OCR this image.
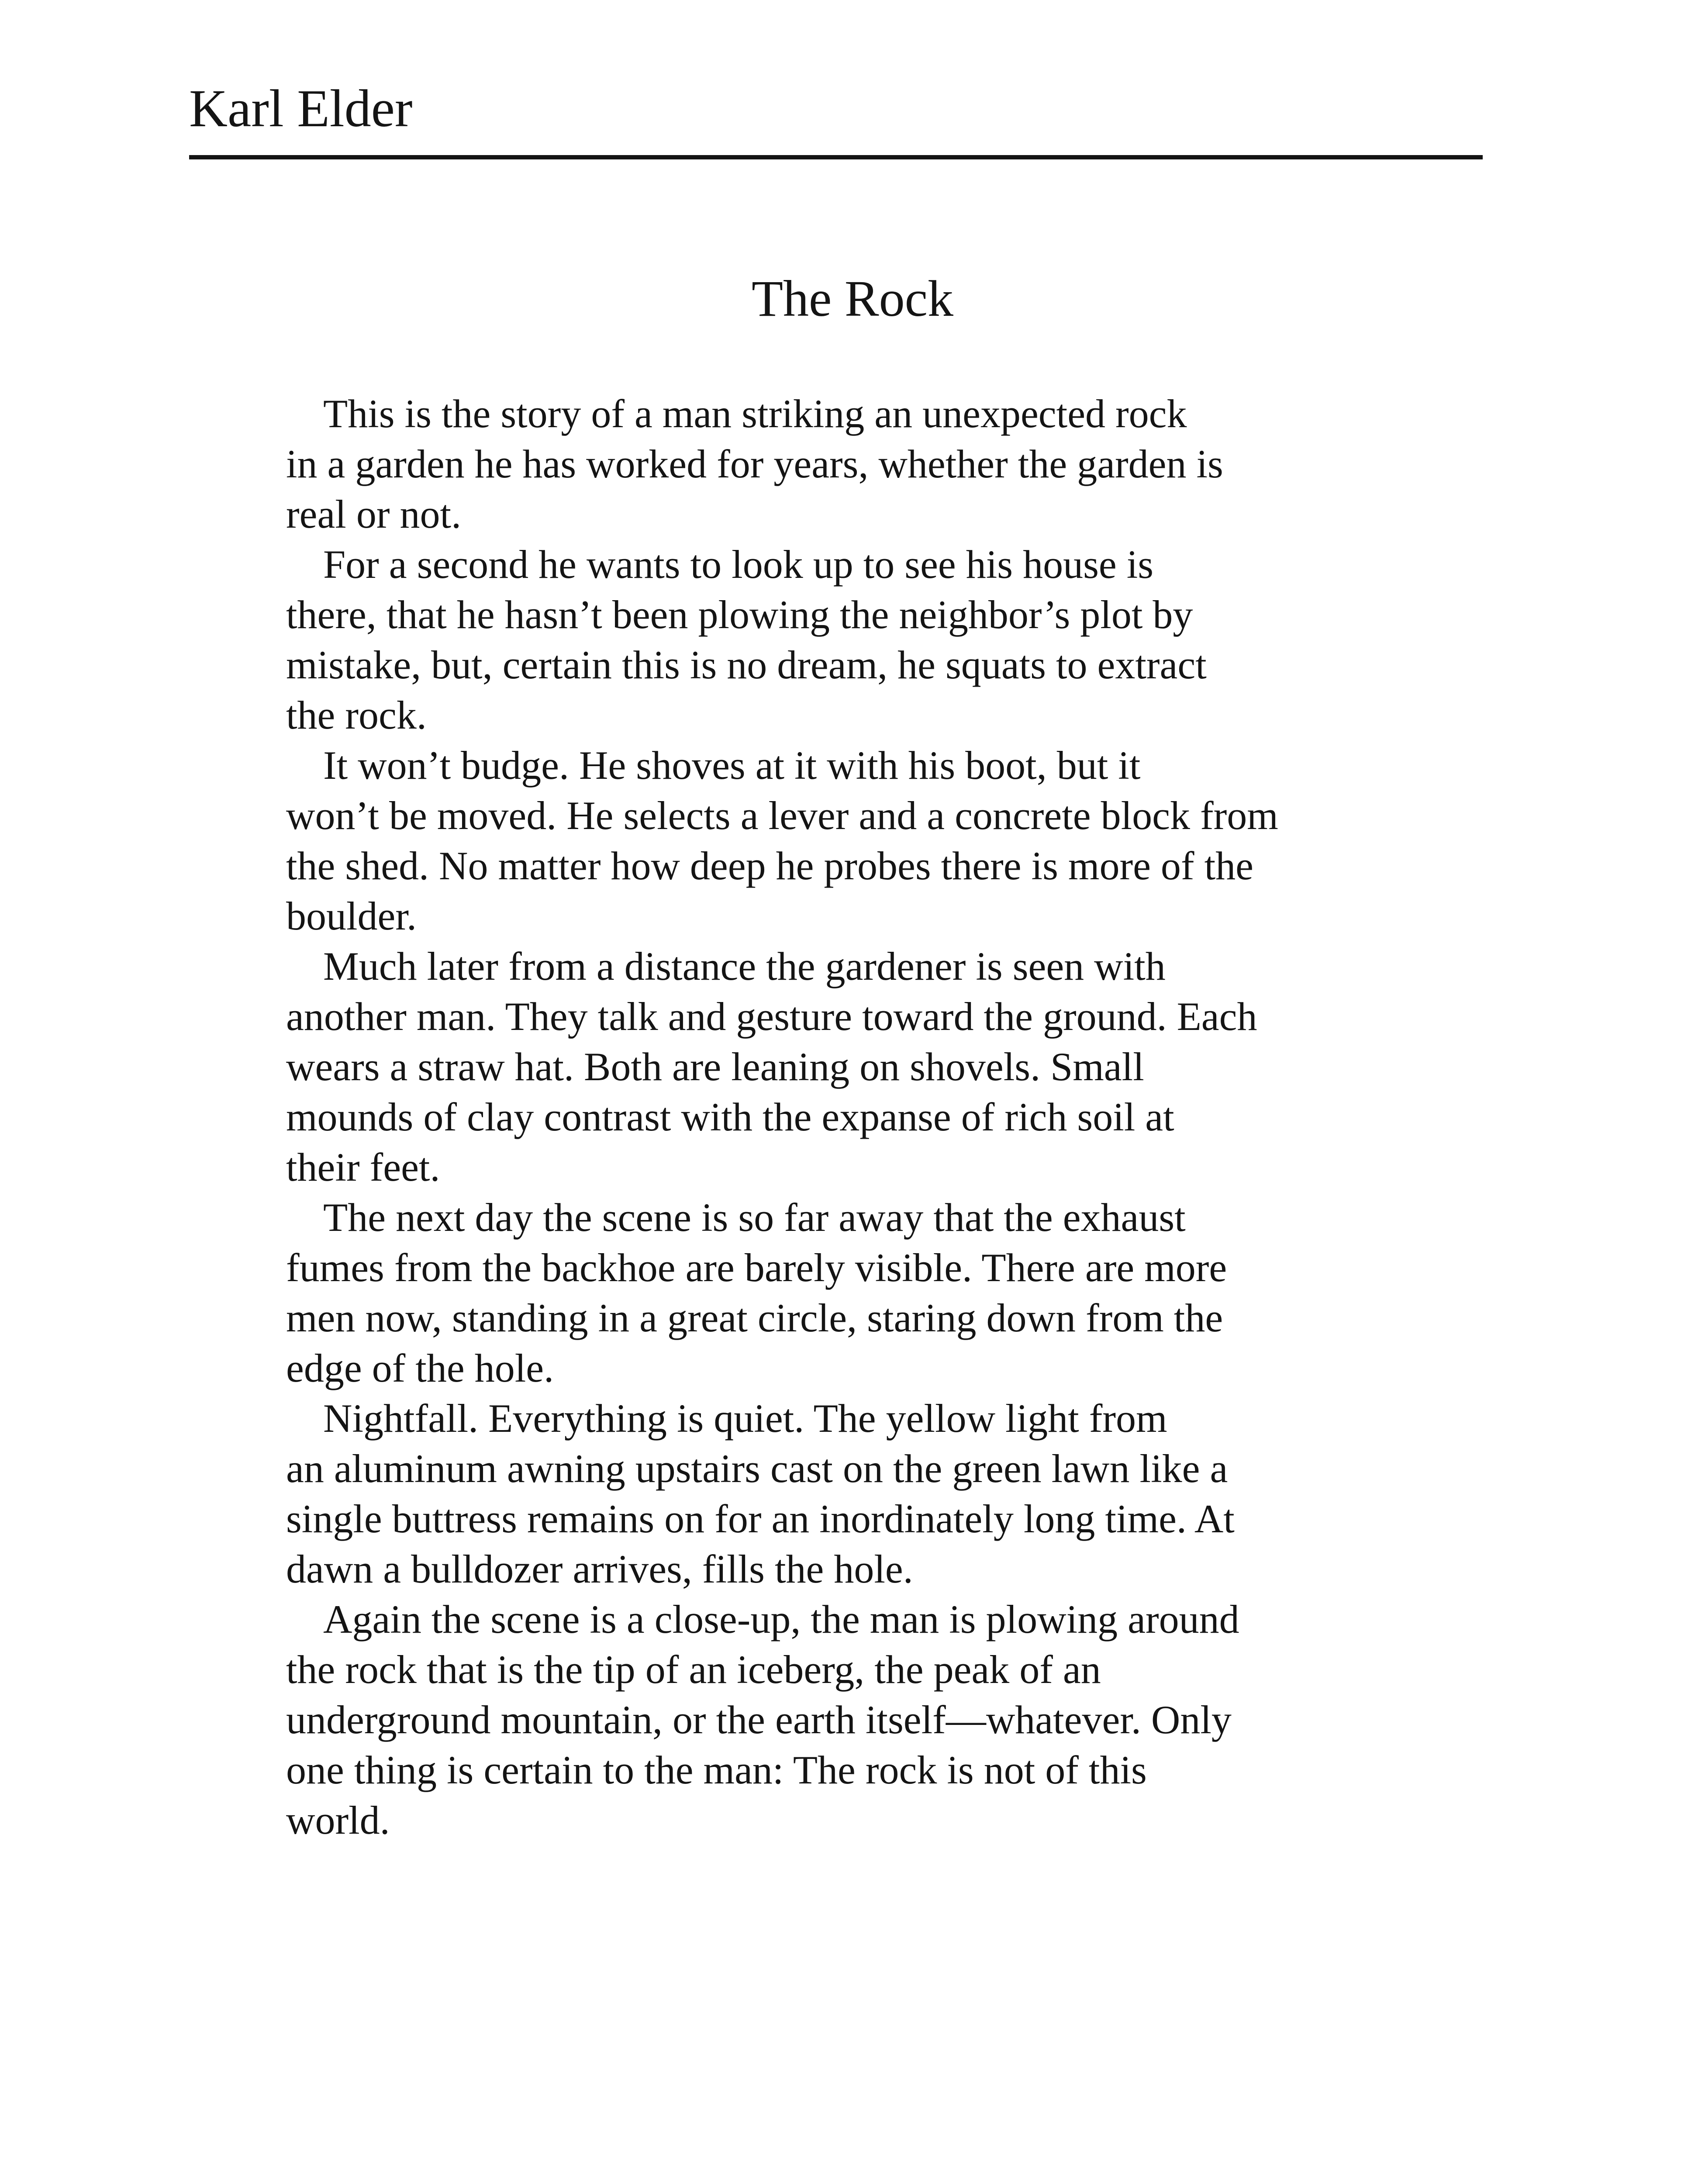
Karl Elder
The Rock

This is the story of a man striking an unexpected rock
in a garden he has worked for years, whether the garden is
real or not.

For a second he wants to look up to see his house is
there, that he hasn’t been plowing the neighbor’s plot by
mistake, but, certain this is no dream, he squats to extract
the rock.

It won’t budge. He shoves at it with his boot, but it
won’t be moved. He selects a lever and a concrete block from
the shed. No matter how deep he probes there is more of the
boulder.

Much later from a distance the gardener is seen with
another man. They talk and gesture toward the ground. Each
wears a straw hat. Both are leaning on shovels. Small
mounds of clay contrast with the expanse of rich soil at
their feet.

The next day the scene is so far away that the exhaust
fumes from the backhoe are barely visible. There are more
men now, standing in a great circle, staring down from the
edge of the hole.

Nightfall. Everything is quiet. The yellow light from
an aluminum awning upstairs cast on the green lawn like a
single buttress remains on for an inordinately long time. At
dawn a bulldozer arrives, fills the hole.

Again the scene is a close-up, the man is plowing around
the rock that is the tip of an iceberg, the peak of an
underground mountain, or the earth itself—whatever. Only
one thing is certain to the man: The rock is not of this
world.
